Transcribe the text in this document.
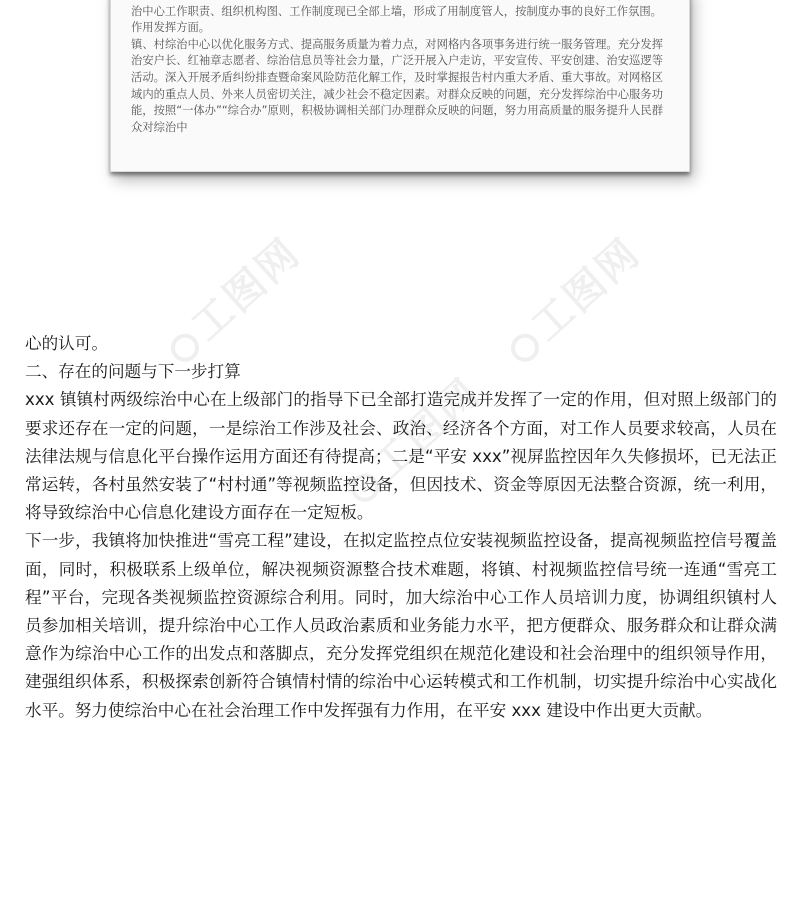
工图网	工图网
工图网

治中心工作职责、组织机构图、工作制度现已全部上墙，形成了用制度管人，按制度办事的良好工作氛围。

作用发挥方面。

镇、村综治中心以优化服务方式、提高服务质量为着力点，对网格内各项事务进行统一服务管理。充分发挥治安户长、红袖章志愿者、综治信息员等社会力量，广泛开展入户走访，平安宣传、平安创建、治安巡逻等活动。深入开展矛盾纠纷排查暨命案风险防范化解工作，及时掌握报告村内重大矛盾、重大事故。对网格区域内的重点人员、外来人员密切关注，减少社会不稳定因素。对群众反映的问题，充分发挥综治中心服务功能，按照“一体办”“综合办”原则，积极协调相关部门办理群众反映的问题，努力用高质量的服务提升人民群众对综治中

心的认可。

二、存在的问题与下一步打算

xxx 镇镇村两级综治中心在上级部门的指导下已全部打造完成并发挥了一定的作用，但对照上级部门的要求还存在一定的问题，一是综治工作涉及社会、政治、经济各个方面，对工作人员要求较高，人员在法律法规与信息化平台操作运用方面还有待提高；二是“平安 xxx”视屏监控因年久失修损坏，已无法正常运转，各村虽然安装了“村村通”等视频监控设备，但因技术、资金等原因无法整合资源，统一利用，将导致综治中心信息化建设方面存在一定短板。

下一步，我镇将加快推进“雪亮工程”建设，在拟定监控点位安装视频监控设备，提高视频监控信号覆盖面，同时，积极联系上级单位，解决视频资源整合技术难题，将镇、村视频监控信号统一连通“雪亮工程”平台，完现各类视频监控资源综合利用。同时，加大综治中心工作人员培训力度，协调组织镇村人员参加相关培训，提升综治中心工作人员政治素质和业务能力水平，把方便群众、服务群众和让群众满意作为综治中心工作的出发点和落脚点，充分发挥党组织在规范化建设和社会治理中的组织领导作用，建强组织体系，积极探索创新符合镇情村情的综治中心运转模式和工作机制，切实提升综治中心实战化水平。努力使综治中心在社会治理工作中发挥强有力作用，在平安 xxx 建设中作出更大贡献。
